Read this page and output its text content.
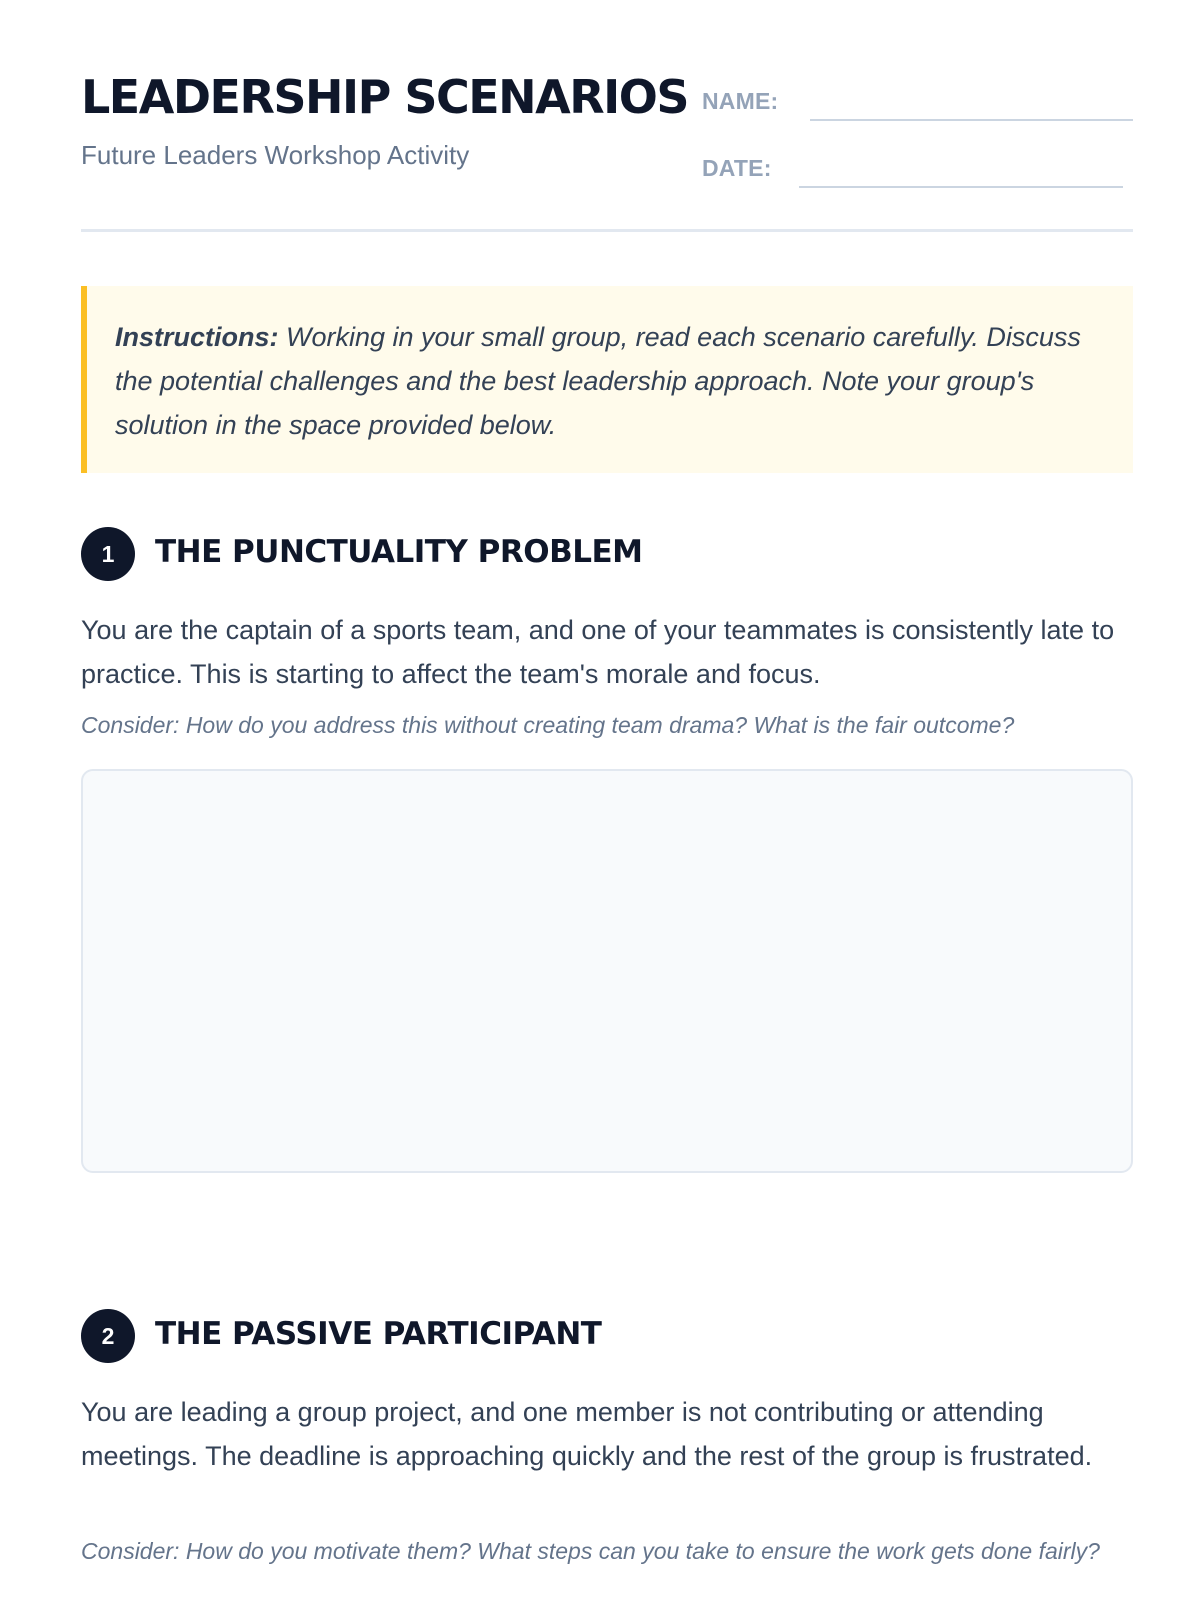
LEADERSHIP SCENARIOS
Future Leaders Workshop Activity
NAME:
DATE:
Instructions: Working in your small group, read each scenario carefully. Discuss the potential challenges and the best leadership approach. Note your group's solution in the space provided below.
1	THE PUNCTUALITY PROBLEM

You are the captain of a sports team, and one of your teammates is consistently late to practice. This is starting to affect the team's morale and focus.

Consider: How do you address this without creating team drama? What is the fair outcome?

2	THE PASSIVE PARTICIPANT

You are leading a group project, and one member is not contributing or attending meetings. The deadline is approaching quickly and the rest of the group is frustrated.

Consider: How do you motivate them? What steps can you take to ensure the work gets done fairly?
